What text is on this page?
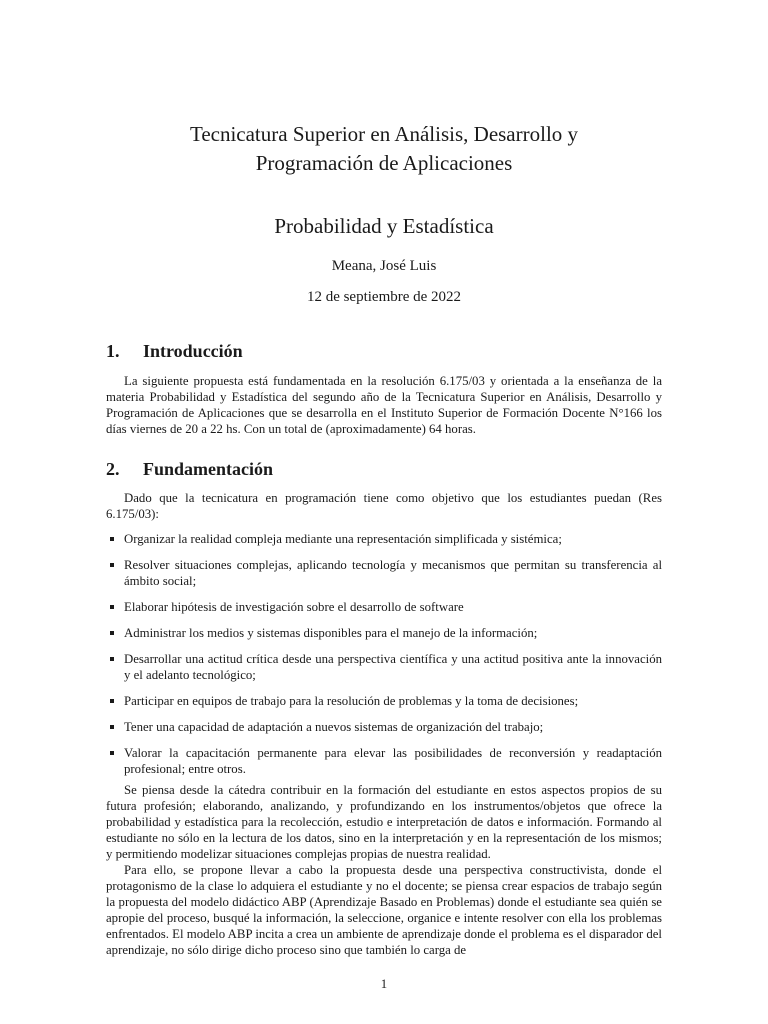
Tecnicatura Superior en Análisis, Desarrollo y
Programación de Aplicaciones
Probabilidad y Estadística
Meana, José Luis
12 de septiembre de 2022
1. Introducción

La siguiente propuesta está fundamentada en la resolución 6.175/03 y orientada a la enseñanza de la materia Probabilidad y Estadística del segundo año de la Tecnicatura Superior en Análisis, Desarrollo y Programación de Aplicaciones que se desarrolla en el Instituto Superior de Formación Docente N°166 los días viernes de 20 a 22 hs. Con un total de (aproximadamente) 64 horas.

2. Fundamentación

Dado que la tecnicatura en programación tiene como objetivo que los estudiantes puedan (Res 6.175/03):

Organizar la realidad compleja mediante una representación simplificada y sistémica;
Resolver situaciones complejas, aplicando tecnología y mecanismos que permitan su transferencia al ámbito social;
Elaborar hipótesis de investigación sobre el desarrollo de software
Administrar los medios y sistemas disponibles para el manejo de la información;
Desarrollar una actitud crítica desde una perspectiva científica y una actitud positiva ante la innovación y el adelanto tecnológico;
Participar en equipos de trabajo para la resolución de problemas y la toma de decisiones;
Tener una capacidad de adaptación a nuevos sistemas de organización del trabajo;
Valorar la capacitación permanente para elevar las posibilidades de reconversión y readaptación profesional; entre otros.

Se piensa desde la cátedra contribuir en la formación del estudiante en estos aspectos propios de su futura profesión; elaborando, analizando, y profundizando en los instrumentos/objetos que ofrece la probabilidad y estadística para la recolección, estudio e interpretación de datos e información. Formando al estudiante no sólo en la lectura de los datos, sino en la interpretación y en la representación de los mismos; y permitiendo modelizar situaciones complejas propias de nuestra realidad.

Para ello, se propone llevar a cabo la propuesta desde una perspectiva constructivista, donde el protagonismo de la clase lo adquiera el estudiante y no el docente; se piensa crear espacios de trabajo según la propuesta del modelo didáctico ABP (Aprendizaje Basado en Problemas) donde el estudiante sea quién se apropie del proceso, busqué la información, la seleccione, organice e intente resolver con ella los problemas enfrentados. El modelo ABP incita a crea un ambiente de aprendizaje donde el problema es el disparador del aprendizaje, no sólo dirige dicho proceso sino que también lo carga de

1
